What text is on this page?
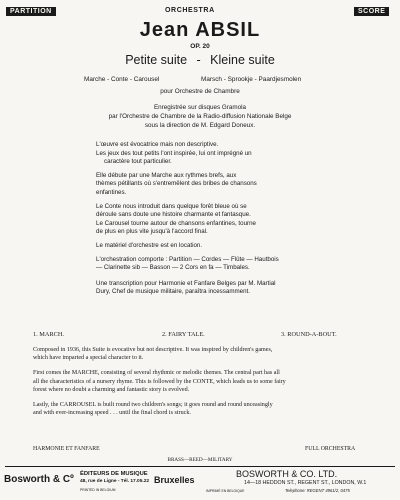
PARTITION	ORCHESTRA	SCORE
Jean ABSIL
OP. 20
Petite suite - Kleine suite
Marche - Conte - Carousel	Marsch - Sprookje - Paardjesmolen
pour Orchestre de Chambre
Enregistrée sur disques Gramola
par l'Orchestre de Chambre de la Radio-diffusion Nationale Belge
sous la direction de M. Edgard Doneux.
L'œuvre est évocatrice mais non descriptive.
Les jeux des tout petits l'ont inspirée, lui ont imprégné un
caractère tout particulier.
Elle débute par une Marche aux rythmes brefs, aux
thèmes pétillants où s'entremêlent des bribes de chansons
enfantines.
Le Conte nous introduit dans quelque forêt bleue où se
déroule sans doute une histoire charmante et fantasque.
Le Carousel tourne autour de chansons enfantines, tourne
de plus en plus vite jusqu'à l'accord final.
Le matériel d'orchestre est en location.
L'orchestration comporte : Partition — Cordes — Flûte — Hautbois
— Clarinette sib — Basson — 2 Cors en fa — Timbales.
Une transcription pour Harmonie et Fanfare Belges par M. Martial
Dury, Chef de musique militaire, paraîtra incessamment.
1. MARCH.	2. FAIRY TALE.	3. ROUND-A-BOUT.
Composed in 1936, this Suite is evocative but not descriptive. It was inspired by children's games,
which have imparted a special character to it.
First comes the MARCHE, consisting of several rhythmic or melodic themes. The central part has all
all the characteristics of a nursery rhyme. This is followed by the CONTE, which leads us to some fairy
forest where no doubt a charming and fantastic story is evolved.
Lastly, the CARROUSEL is built round two children's songs; it goes round and round unceasingly
and with ever-increasing speed . . . until the final chord is struck.
HARMONIE ET FANFARE	FULL ORCHESTRA
BRASS—REED—MILITARY
Bosworth & Cº ÉDITEURS DE MUSIQUE
48, rue de Ligne - Tél. 17.05.22
PRINTED IN BELGIUM
Bruxelles
IMPRIMÉ EN BELGIQUE
BOSWORTH & CO. LTD.
14—18 HEDDON ST., REGENT ST., LONDON, W.1
Telephone: REGENT 4961/2, 0475
